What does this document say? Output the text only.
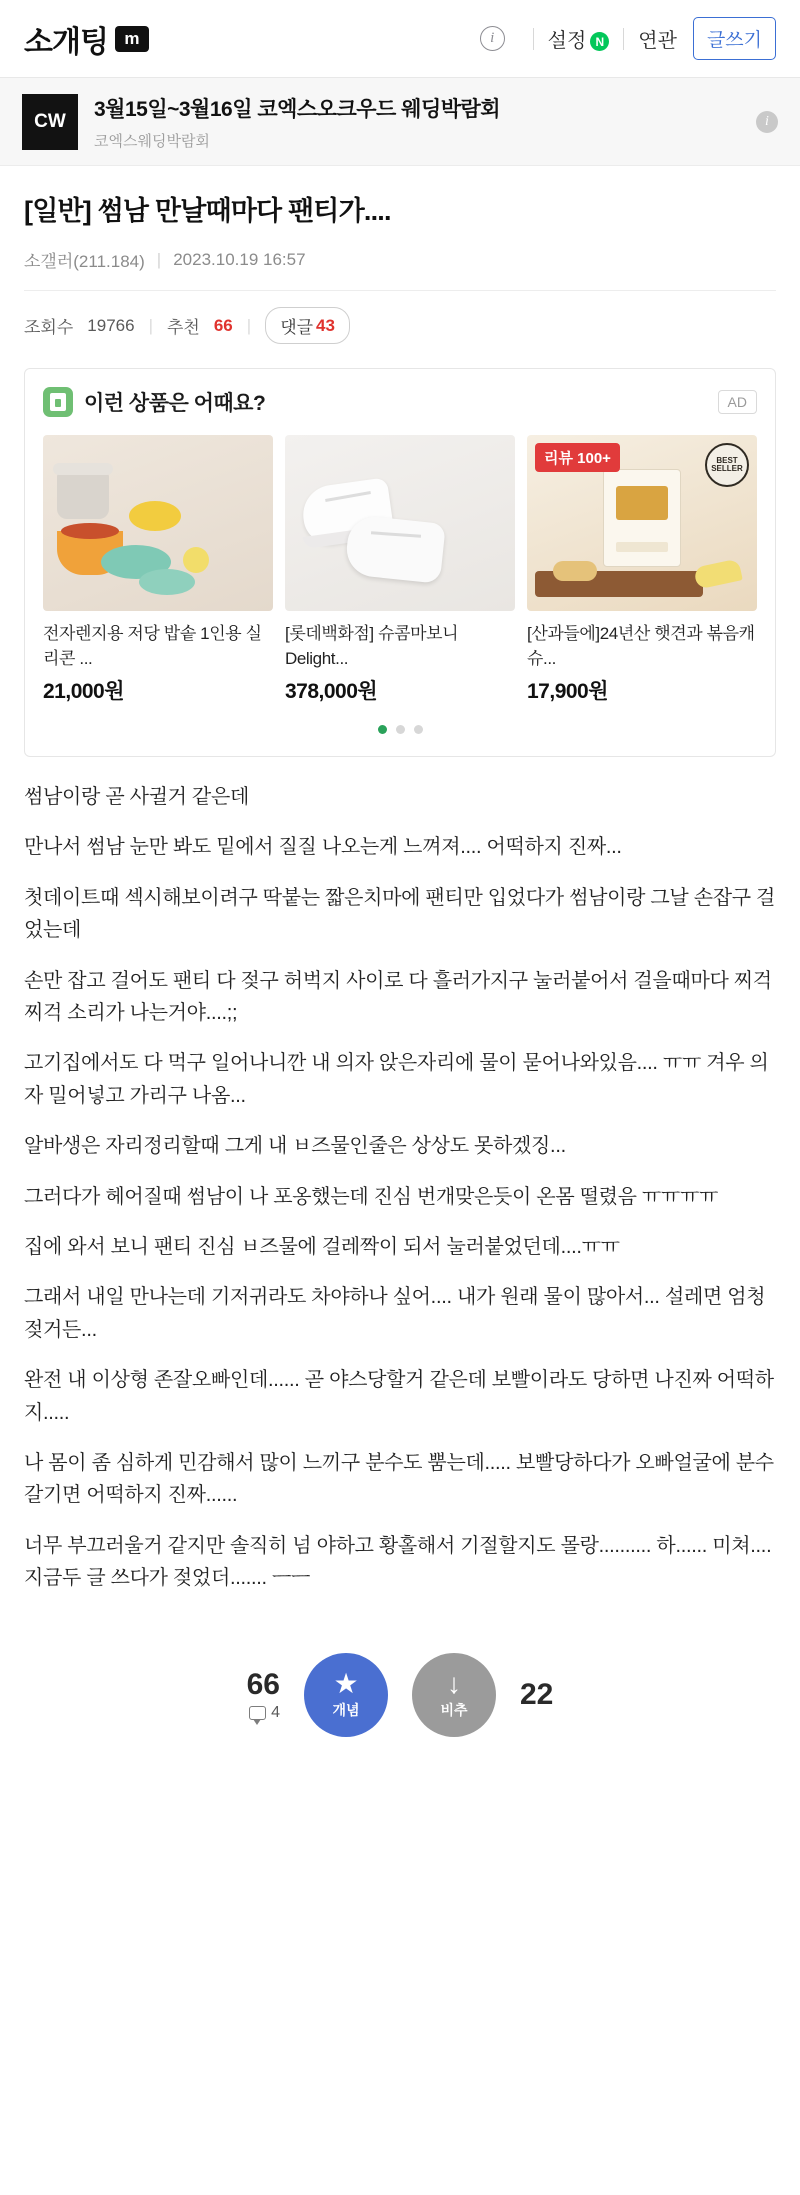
소개팅 m	i	설정 N 연관	글쓰기
CW
3월15일~3월16일 코엑스오크우드 웨딩박람회
코엑스웨딩박람회
i
[일반] 썸남 만날때마다 팬티가....
소갤러(211.184) | 2023.10.19 16:57
조회수 19766 | 추천 66 | 댓글 43
이런 상품은 어때요?	AD
전자렌지용 저당 밥솥 1인용 실리콘 ...
21,000원
[롯데백화점] 슈콤마보니 Delight...
378,000원
리뷰 100+	BEST SELLER
[산과들에]24년산 햇견과 볶음캐슈...
17,900원

썸남이랑 곧 사귈거 같은데

만나서 썸남 눈만 봐도 밑에서 질질 나오는게 느껴져.... 어떡하지 진짜...

첫데이트때 섹시해보이려구 딱붙는 짧은치마에 팬티만 입었다가 썸남이랑 그날 손잡구 걸었는데

손만 잡고 걸어도 팬티 다 젖구 허벅지 사이로 다 흘러가지구 눌러붙어서 걸을때마다 찌걱찌걱 소리가 나는거야....;;

고기집에서도 다 먹구 일어나니깐 내 의자 앉은자리에 물이 묻어나와있음.... ㅠㅠ 겨우 의자 밀어넣고 가리구 나옴...

알바생은 자리정리할때 그게 내 ㅂ즈물인줄은 상상도 못하겠징...

그러다가 헤어질때 썸남이 나 포옹했는데 진심 번개맞은듯이 온몸 떨렸음 ㅠㅠㅠㅠ

집에 와서 보니 팬티 진심 ㅂ즈물에 걸레짝이 되서 눌러붙었던데....ㅠㅠ

그래서 내일 만나는데 기저귀라도 차야하나 싶어.... 내가 원래 물이 많아서... 설레면 엄청 젖거든...

완전 내 이상형 존잘오빠인데...... 곧 야스당할거 같은데 보빨이라도 당하면 나진짜 어떡하지.....

나 몸이 좀 심하게 민감해서 많이 느끼구 분수도 뿜는데..... 보빨당하다가 오빠얼굴에 분수갈기면 어떡하지 진짜......

너무 부끄러울거 같지만 솔직히 넘 야하고 황홀해서 기절할지도 몰랑.......... 하...... 미쳐.... 지금두 글 쓰다가 젖었더....... ㅡㅡ

66
4
★
개념
↓
비추 22
